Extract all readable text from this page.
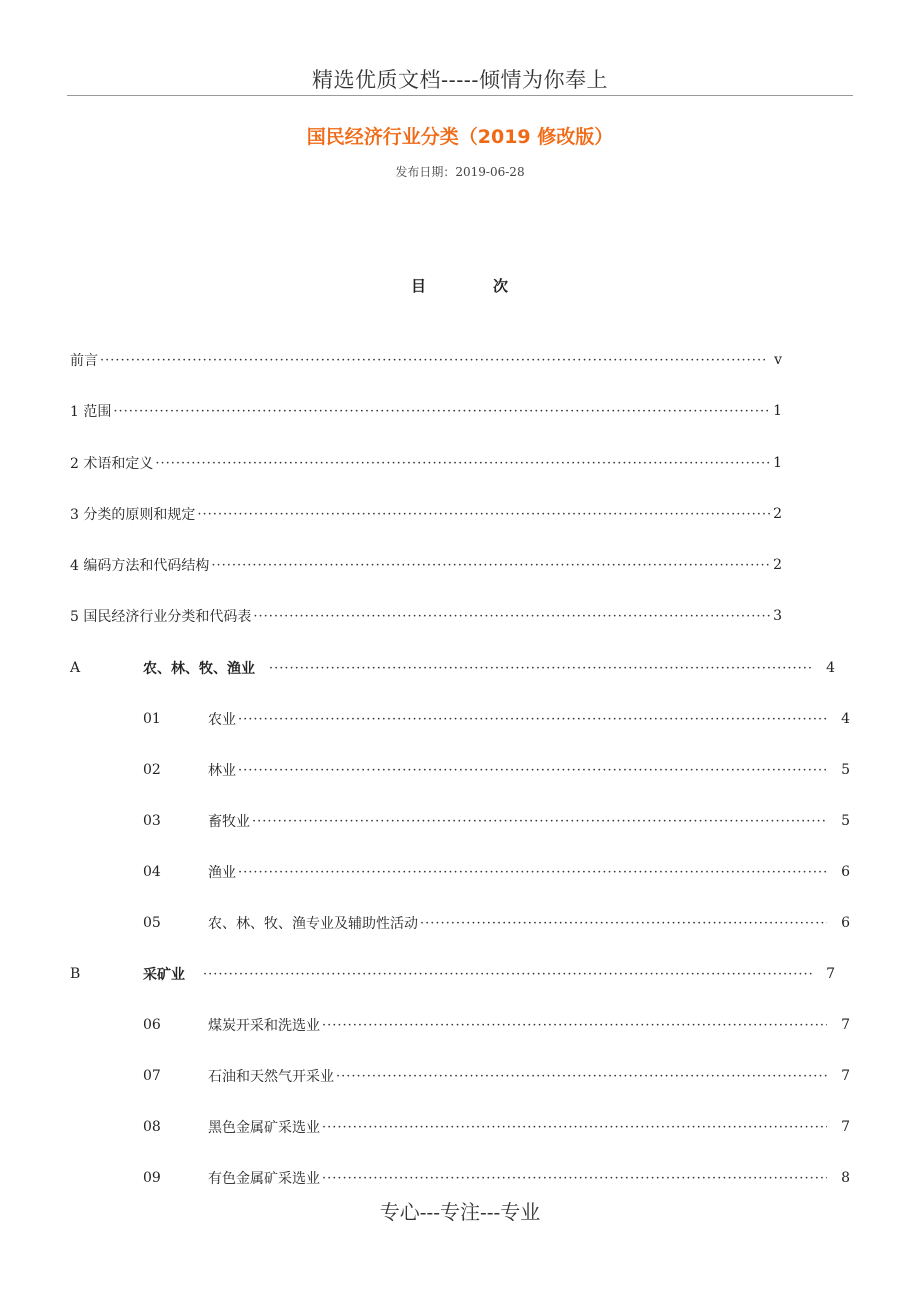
精选优质文档-----倾情为你奉上
国民经济行业分类（2019 修改版）
发布日期：2019-06-28
目	次
前言 ·····	v
1 范围 ·····	1
2 术语和定义 ·····	1
3 分类的原则和规定 ·····	2
4 编码方法和代码结构 ·····	2
5 国民经济行业分类和代码表 ·····	3
A	农、林、牧、渔业 ·····	4
01	农业 ·····	4
02	林业 ·····	5
03	畜牧业 ·····	5
04	渔业 ·····	6
05	农、林、牧、渔专业及辅助性活动 ·····	6
B	采矿业 ·····	7
06	煤炭开采和洗选业 ·····	7
07	石油和天然气开采业 ·····	7
08	黑色金属矿采选业 ·····	7
09	有色金属矿采选业 ·····	8
专心---专注---专业
